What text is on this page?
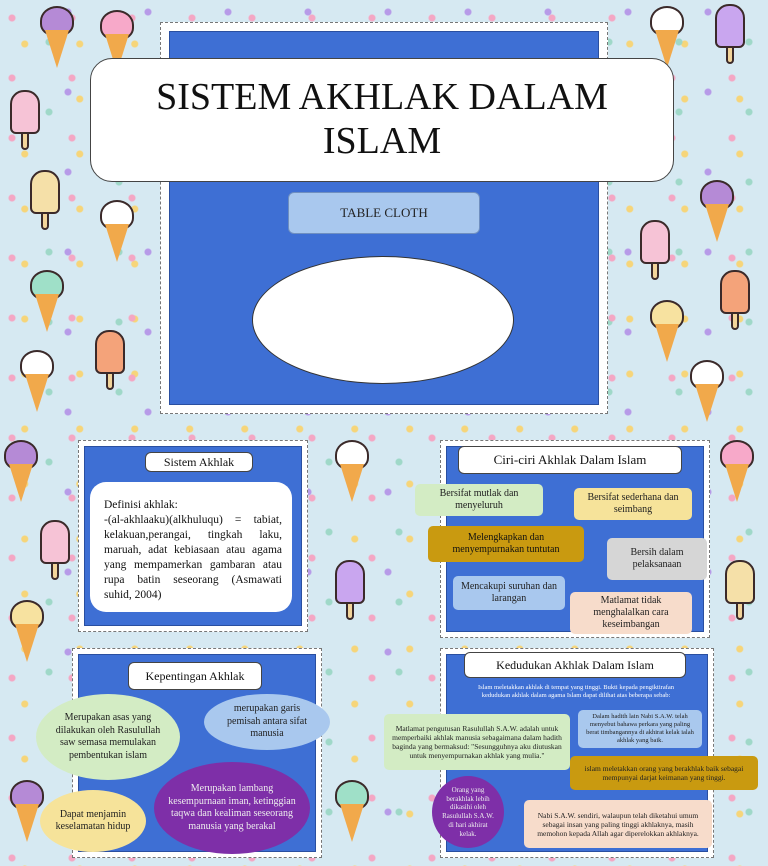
SISTEM AKHLAK DALAM ISLAM
TABLE CLOTH
Sistem Akhlak
Definisi akhlak:
-(al-akhlaaku)(alkhuluqu) = tabiat, kelakuan,perangai, tingkah laku, maruah, adat kebiasaan atau agama yang mempamerkan gambaran atau rupa batin seseorang (Asmawati suhid, 2004)
Ciri-ciri Akhlak Dalam Islam
Bersifat mutlak dan menyeluruh
Bersifat sederhana dan seimbang
Melengkapkan dan menyempurnakan tuntutan	Bersih dalam pelaksanaan
Mencakupi suruhan dan larangan	Matlamat tidak menghalalkan cara keseimbangan
Kepentingan Akhlak
Merupakan asas yang dilakukan oleh Rasulullah saw semasa memulakan pembentukan islam
merupakan garis pemisah antara sifat manusia
Merupakan lambang kesempurnaan iman, ketinggian taqwa dan kealiman seseorang manusia yang berakal
Dapat menjamin keselamatan hidup
Kedudukan Akhlak Dalam Islam
Islam meletakkan akhlak di tempat yang tinggi. Bukti kepada pengiktirafan kedudukan akhlak dalam agama Islam dapat dilihat atas beberapa sebab:
Matlamat pengutusan Rasulullah S.A.W. adalah untuk memperbaiki akhlak manusia sebagaimana dalam hadith baginda yang bermaksud: "Sesungguhnya aku diutuskan untuk menyempurnakan akhlak yang mulia."
Dalam hadith lain Nabi S.A.W. telah menyebut bahawa perkara yang paling berat timbangannya di akhirat kelak ialah akhlak yang baik.
islam meletakkan orang yang berakhlak baik sebagai mempunyai darjat keimanan yang tinggi.
Orang yang berakhlak lebih dikasihi oleh Rasulullah S.A.W. di hari akhirat kelak.
Nabi S.A.W. sendiri, walaupun telah diketahui umum sebagai insan yang paling tinggi akhlaknya, masih memohon kepada Allah agar diperelokkan akhlaknya.
